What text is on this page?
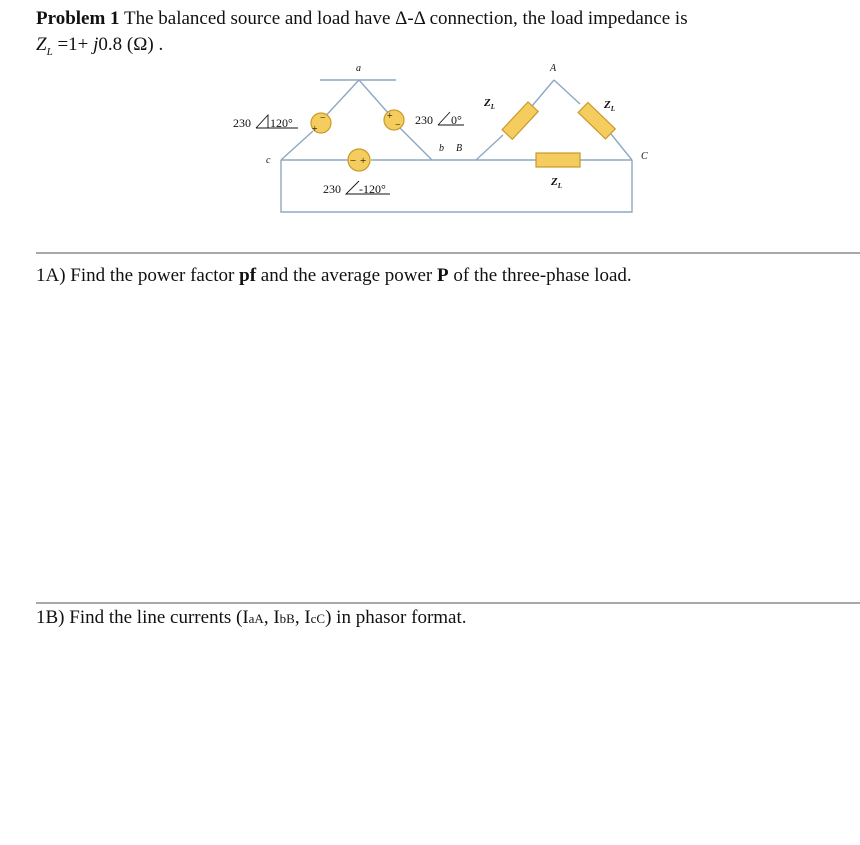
Problem 1 The balanced source and load have Δ-Δ connection, the load impedance is
$Z_L =1+ j0.8$ (Ω) .
+
−	+
−
− +
a	A
b B
c	C
$Z_L$	$Z_L$
$Z_L$
230 120°	230 0°
230 -120°
1A) Find the power factor pf and the average power P of the three-phase load.
1B) Find the line currents (IaA, IbB, IcC) in phasor format.
